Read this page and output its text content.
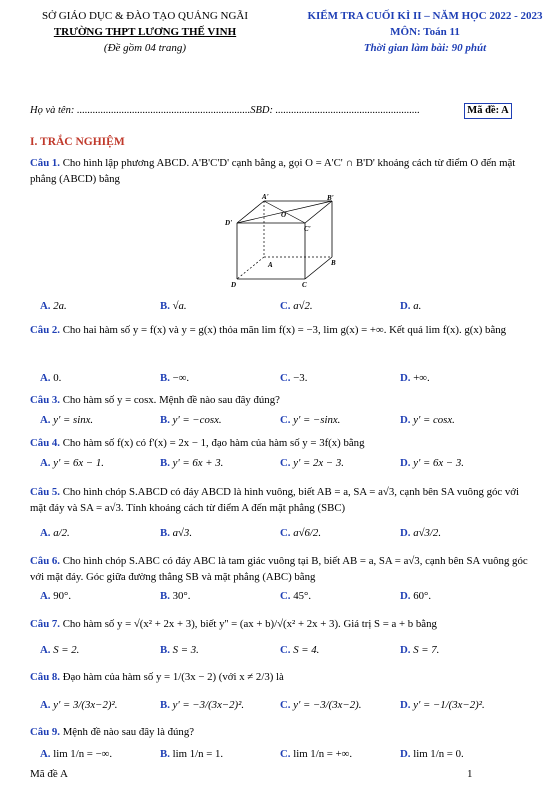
SỞ GIÁO DỤC & ĐÀO TẠO QUẢNG NGÃI
TRƯỜNG THPT LƯƠNG THẾ VINH
(Đề gồm 04 trang)
KIỂM TRA CUỐI KÌ II – NĂM HỌC 2022 - 2023
MÔN: Toán 11
Thời gian làm bài: 90 phút
Họ và tên: ..................................................................SBD: .......................................................	Mã đề: A
I. TRẮC NGHIỆM
Câu 1. Cho hình lập phương ABCD. A'B'C'D' cạnh bằng a, gọi O = A'C' ∩ B'D' khoảng cách từ điểm O đến mặt phẳng (ABCD) bằng
A'	B'
D'
O
C'
A	B
D	C
A. 2a.	B. √a.	C. a√2.	D. a.
Câu 2. Cho hai hàm số y = f(x) và y = g(x) thỏa mãn lim f(x) = −3, lim g(x) = +∞. Kết quả lim f(x). g(x) bằng
A. 0.	B. −∞.	C. −3.	D. +∞.
Câu 3. Cho hàm số y = cosx. Mệnh đề nào sau đây đúng?
A. y' = sinx.	B. y' = −cosx.	C. y' = −sinx.	D. y' = cosx.
Câu 4. Cho hàm số f(x) có f'(x) = 2x − 1, đạo hàm của hàm số y = 3f(x) bằng
A. y' = 6x − 1.	B. y' = 6x + 3.	C. y' = 2x − 3.	D. y' = 6x − 3.
Câu 5. Cho hình chóp S.ABCD có đáy ABCD là hình vuông, biết AB = a, SA = a√3, cạnh bên SA vuông góc với mặt đáy và SA = a√3. Tính khoảng cách từ điểm A đến mặt phẳng (SBC)
A. a/2.	B. a√3.	C. a√6/2.	D. a√3/2.
Câu 6. Cho hình chóp S.ABC có đáy ABC là tam giác vuông tại B, biết AB = a, SA = a√3, cạnh bên SA vuông góc với mặt đáy. Góc giữa đường thẳng SB và mặt phẳng (ABC) bằng
A. 90°.	B. 30°.	C. 45°.	D. 60°.
Câu 7. Cho hàm số y = √(x² + 2x + 3), biết y'' = (ax + b)/√(x² + 2x + 3). Giá trị S = a + b bằng
A. S = 2.	B. S = 3.	C. S = 4.	D. S = 7.
Câu 8. Đạo hàm của hàm số y = 1/(3x − 2) (với x ≠ 2/3) là
A. y' = 3/(3x−2)².	B. y' = −3/(3x−2)².	C. y' = −3/(3x−2).	D. y' = −1/(3x−2)².
Câu 9. Mệnh đề nào sau đây là đúng?
A. lim 1/n = −∞.	B. lim 1/n = 1.	C. lim 1/n = +∞.	D. lim 1/n = 0.
Mã đề A	1
